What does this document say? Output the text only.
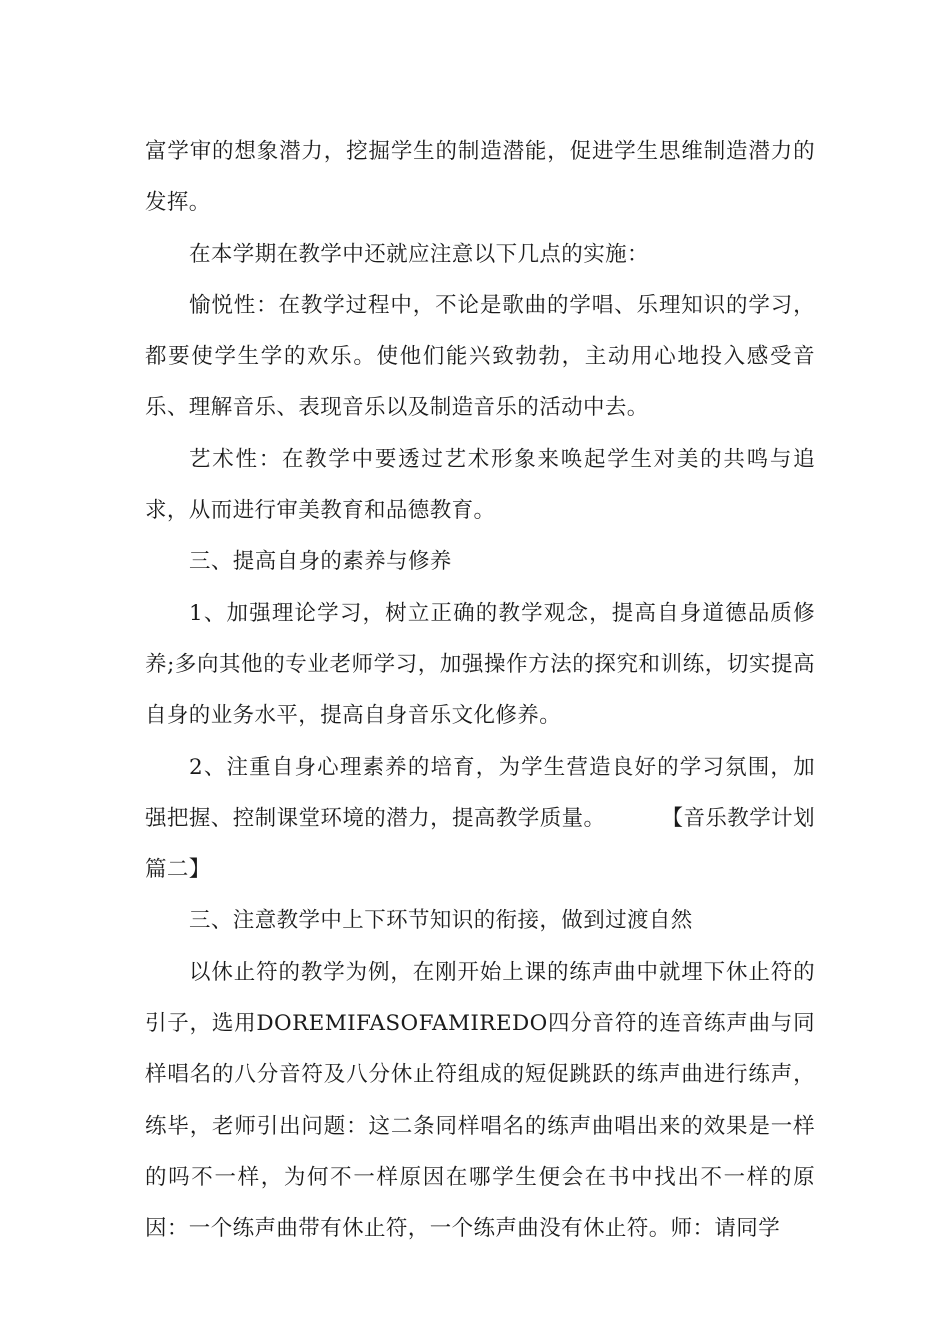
富学审的想象潜力，挖掘学生的制造潜能，促进学生思维制造潜力的发挥。

在本学期在教学中还就应注意以下几点的实施：

愉悦性：在教学过程中，不论是歌曲的学唱、乐理知识的学习，都要使学生学的欢乐。使他们能兴致勃勃，主动用心地投入感受音乐、理解音乐、表现音乐以及制造音乐的活动中去。

艺术性：在教学中要透过艺术形象来唤起学生对美的共鸣与追求，从而进行审美教育和品德教育。

三、提高自身的素养与修养

1、加强理论学习，树立正确的教学观念，提高自身道德品质修养;多向其他的专业老师学习，加强操作方法的探究和训练，切实提高自身的业务水平，提高自身音乐文化修养。

2、注重自身心理素养的培育，为学生营造良好的学习氛围，加强把握、控制课堂环境的潜力，提高教学质量。	【音乐教学计划篇二】

三、注意教学中上下环节知识的衔接，做到过渡自然

以休止符的教学为例，在刚开始上课的练声曲中就埋下休止符的引子，选用DOREMIFASOFAMIREDO四分音符的连音练声曲与同样唱名的八分音符及八分休止符组成的短促跳跃的练声曲进行练声，练毕，老师引出问题：这二条同样唱名的练声曲唱出来的效果是一样的吗不一样，为何不一样原因在哪学生便会在书中找出不一样的原因：一个练声曲带有休止符，一个练声曲没有休止符。师：请同学
